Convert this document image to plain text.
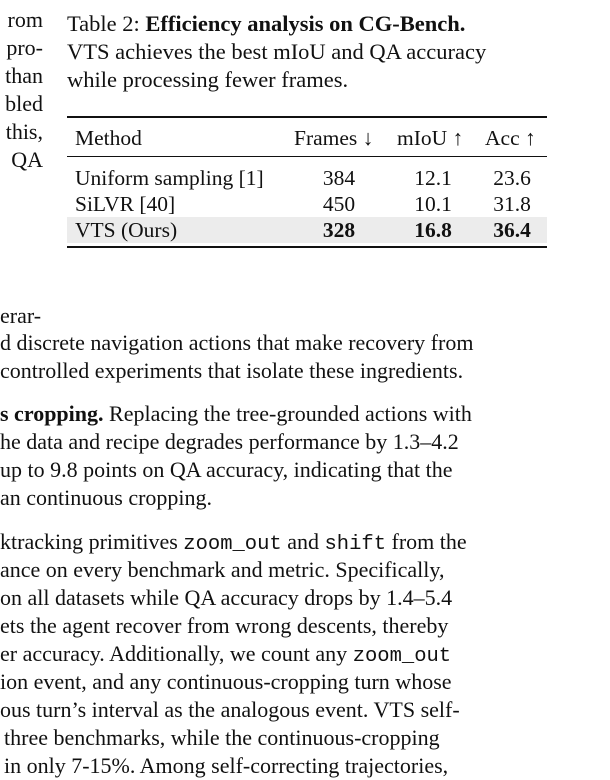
rom
pro-
than
bled
this,
QA
Table 2: Efficiency analysis on CG-Bench.
VTS achieves the best mIoU and QA accuracy
while processing fewer frames.
Method	Frames ↓ mIoU ↑ Acc ↑
Uniform sampling [1]	384	12.1	23.6
SiLVR [40]	450	10.1	31.8
VTS (Ours)	328	16.8	36.4
erar-
d discrete navigation actions that make recovery from
controlled experiments that isolate these ingredients.
s cropping. Replacing the tree-grounded actions with
he data and recipe degrades performance by 1.3–4.2
up to 9.8 points on QA accuracy, indicating that the
an continuous cropping.
ktracking primitives zoom_out and shift from the
ance on every benchmark and metric. Specifically,
on all datasets while QA accuracy drops by 1.4–5.4
ets the agent recover from wrong descents, thereby
er accuracy. Additionally, we count any zoom_out
ion event, and any continuous-cropping turn whose
ous turn’s interval as the analogous event. VTS self-
three benchmarks, while the continuous-cropping
in only 7-15%. Among self-correcting trajectories,
